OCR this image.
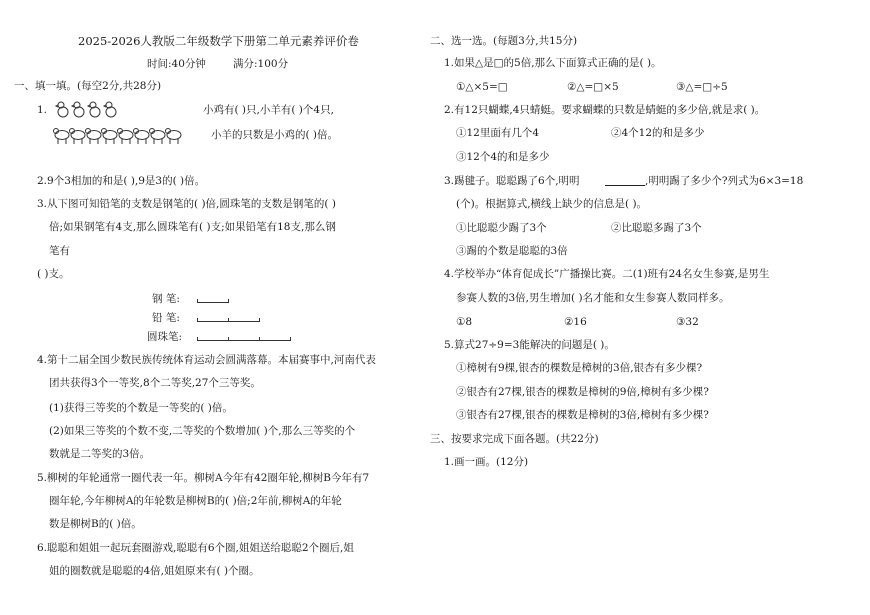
2025-2026人教版二年级数学下册第二单元素养评价卷
时间:40分钟	满分:100分
一、填一填。(每空2分,共28分)
1.	小鸡有( )只,小羊有( )个4只,
小羊的只数是小鸡的( )倍。
2.9个3相加的和是( ),9是3的( )倍。
3.从下图可知铅笔的支数是钢笔的( )倍,圆珠笔的支数是钢笔的( )
倍;如果钢笔有4支,那么圆珠笔有( )支;如果铅笔有18支,那么钢
笔有
( )支。
钢 笔:
铅 笔:
圆珠笔:
4.第十二届全国少数民族传统体育运动会圆满落幕。本届赛事中,河南代表
团共获得3个一等奖,8个二等奖,27个三等奖。
(1)获得三等奖的个数是一等奖的( )倍。
(2)如果三等奖的个数不变,二等奖的个数增加( )个,那么三等奖的个
数就是二等奖的3倍。
5.柳树的年轮通常一圈代表一年。柳树A今年有42圈年轮,柳树B今年有7
圈年轮,今年柳树A的年轮数是柳树B的( )倍;2年前,柳树A的年轮
数是柳树B的( )倍。
6.聪聪和姐姐一起玩套圈游戏,聪聪有6个圈,姐姐送给聪聪2个圈后,姐
姐的圈数就是聪聪的4倍,姐姐原来有( )个圈。
二、选一选。(每题3分,共15分)
1.如果△是□的5倍,那么下面算式正确的是( )。
①△×5=□	②△=□×5	③△=□÷5
2.有12只蝴蝶,4只蜻蜓。要求蝴蝶的只数是蜻蜓的多少倍,就是求( )。
①12里面有几个4	②4个12的和是多少
③12个4的和是多少
3.踢毽子。聪聪踢了6个,明明	,明明踢了多少个?列式为6×3=18
(个)。根据算式,横线上缺少的信息是( )。
①比聪聪少踢了3个	②比聪聪多踢了3个
③踢的个数是聪聪的3倍
4.学校举办“体育促成长”广播操比赛。二(1)班有24名女生参赛,是男生
参赛人数的3倍,男生增加( )名才能和女生参赛人数同样多。
①8	②16	③32
5.算式27÷9=3能解决的问题是( )。
①樟树有9棵,银杏的棵数是樟树的3倍,银杏有多少棵?
②银杏有27棵,银杏的棵数是樟树的9倍,樟树有多少棵?
③银杏有27棵,银杏的棵数是樟树的3倍,樟树有多少棵?
三、按要求完成下面各题。(共22分)
1.画一画。(12分)
